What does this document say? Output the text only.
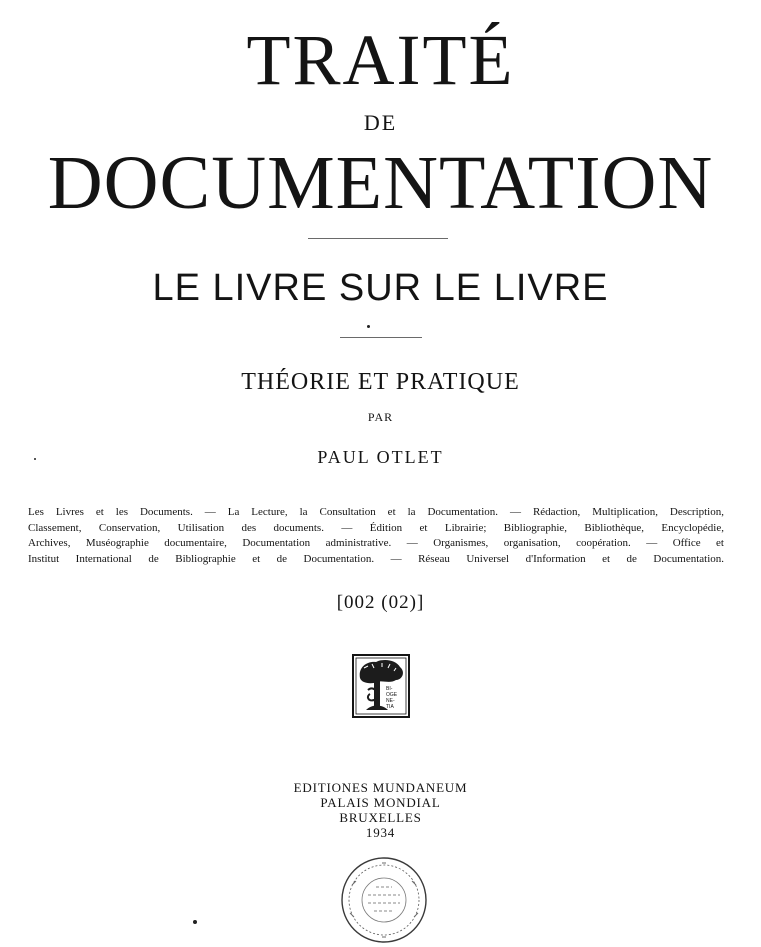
TRAITÉ
DE
DOCUMENTATION
LE LIVRE SUR LE LIVRE
THÉORIE ET PRATIQUE
PAR
PAUL OTLET
Les Livres et les Documents. — La Lecture, la Consultation et la Documentation. — Rédaction, Multiplication, Description,
Classement, Conservation, Utilisation des documents. — Édition et Librairie; Bibliographie, Bibliothèque, Encyclopédie,
Archives, Muséographie documentaire, Documentation administrative. — Organismes, organisation, coopération. — Office et
Institut International de Bibliographie et de Documentation. — Réseau Universel d'Information et de Documentation.
[002 (02)]
BI-
OGE
NE-
TIA
EDITIONES MUNDANEUM
PALAIS MONDIAL
BRUXELLES
1934
